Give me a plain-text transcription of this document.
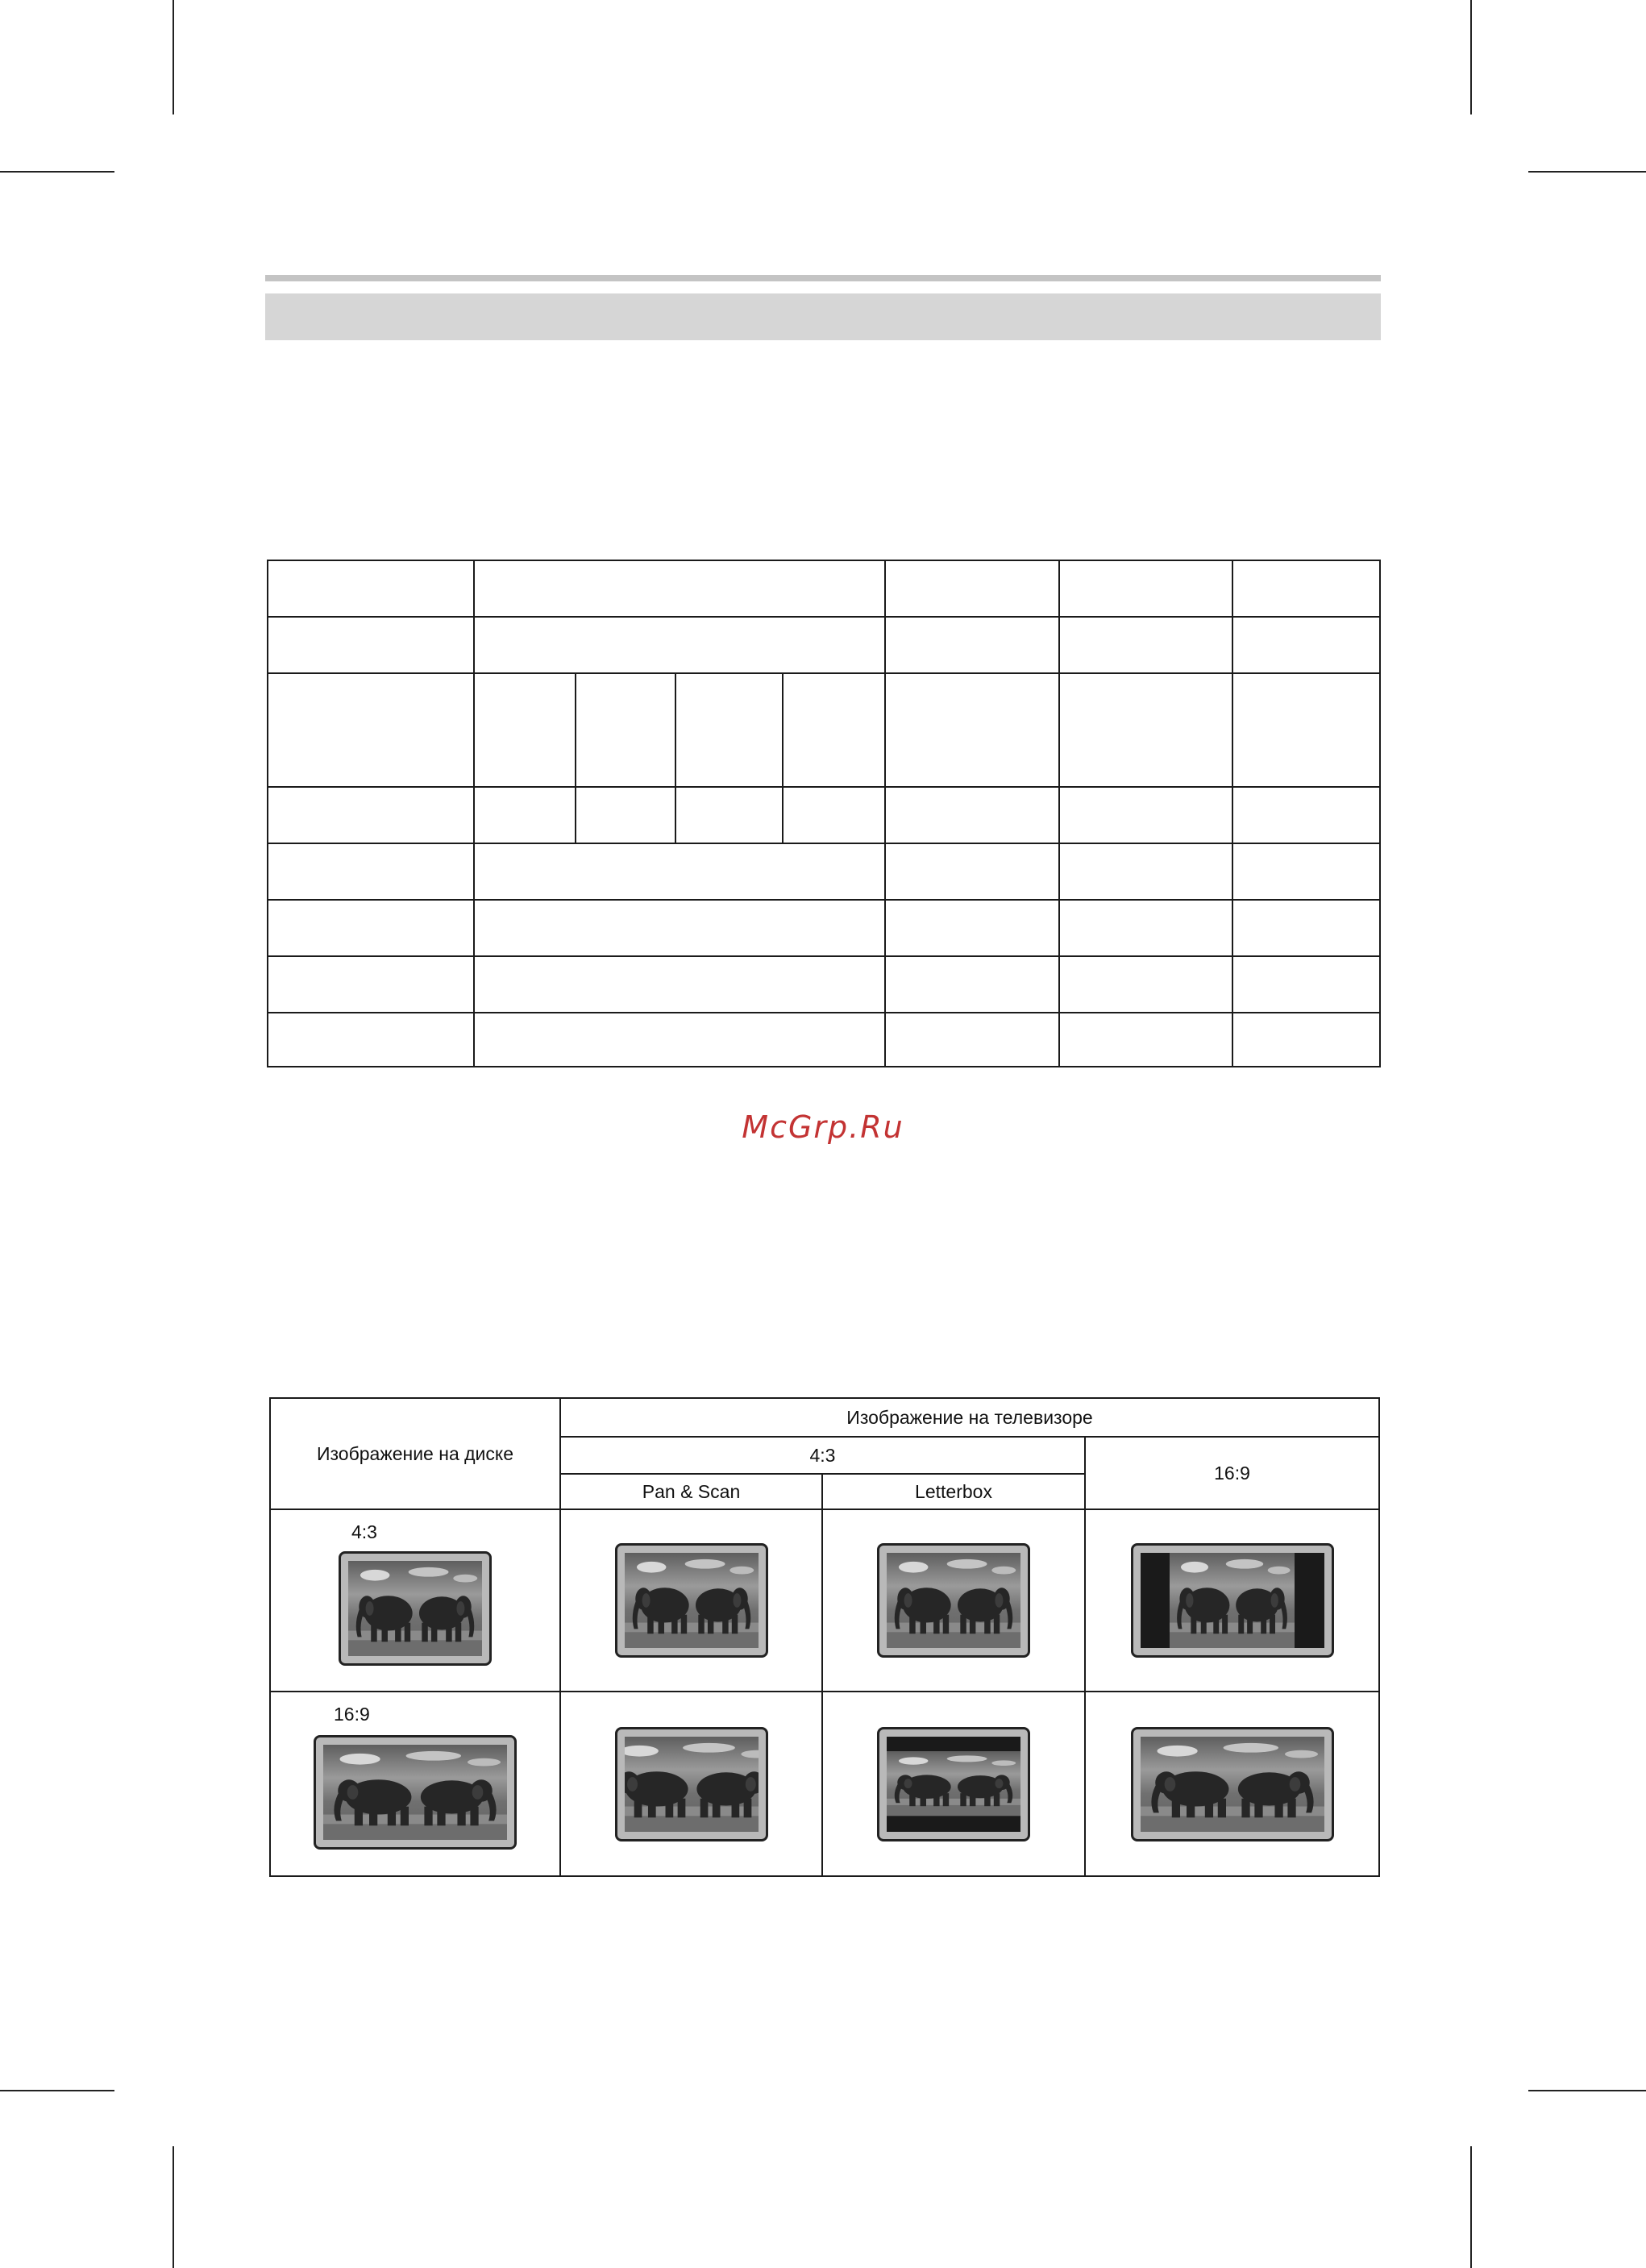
McGrp.Ru
Изображение на диске	Изображение на телевизоре		
	4:3		16:9
	Pan & Scan	Letterbox	

4:3

16:9
